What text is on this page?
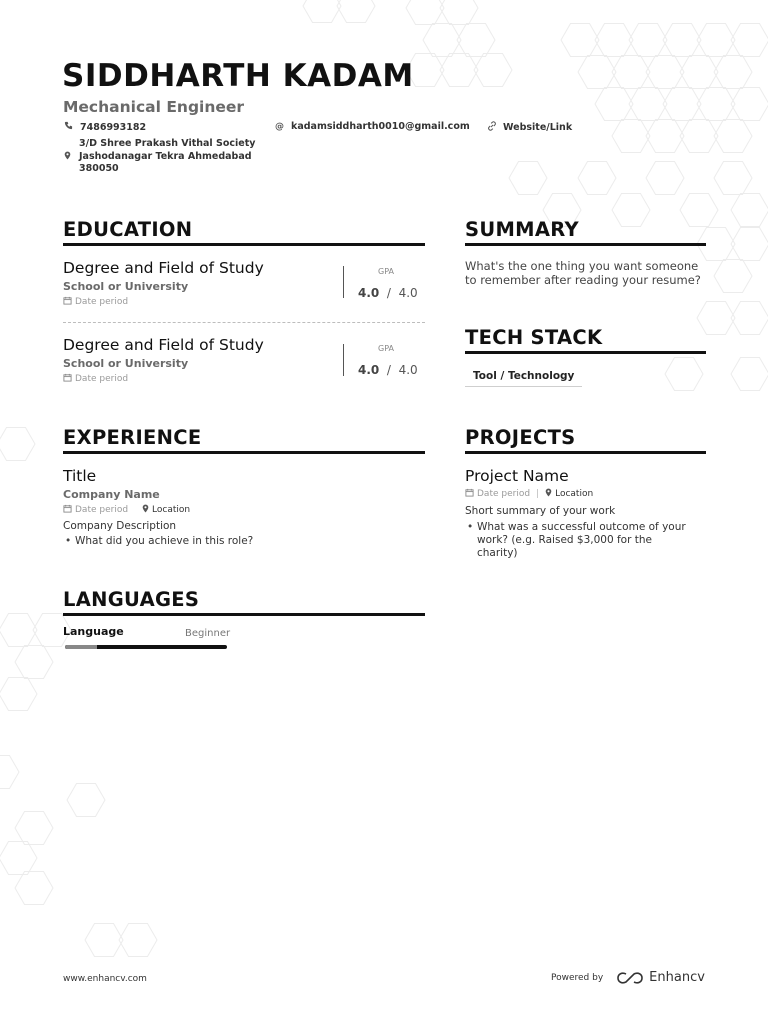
SIDDHARTH KADAM
Mechanical Engineer
7486993182	@ kadamsiddharth0010@gmail.com	Website/Link
3/D Shree Prakash Vithal Society
Jashodanagar Tekra Ahmedabad
380050
EDUCATION
Degree and Field of Study
School or University
Date period
GPA
4.0 / 4.0
Degree and Field of Study
School or University
Date period
GPA
4.0 / 4.0
SUMMARY
What's the one thing you want someone to remember after reading your resume?
TECH STACK
Tool / Technology
EXPERIENCE
Title
Company Name
Date period	Location
Company Description
• What did you achieve in this role?
PROJECTS
Project Name
Date period | Location
Short summary of your work
• What was a successful outcome of your work? (e.g. Raised $3,000 for the charity)
LANGUAGES
Language	Beginner
www.enhancv.com	Powered by	Enhancv
